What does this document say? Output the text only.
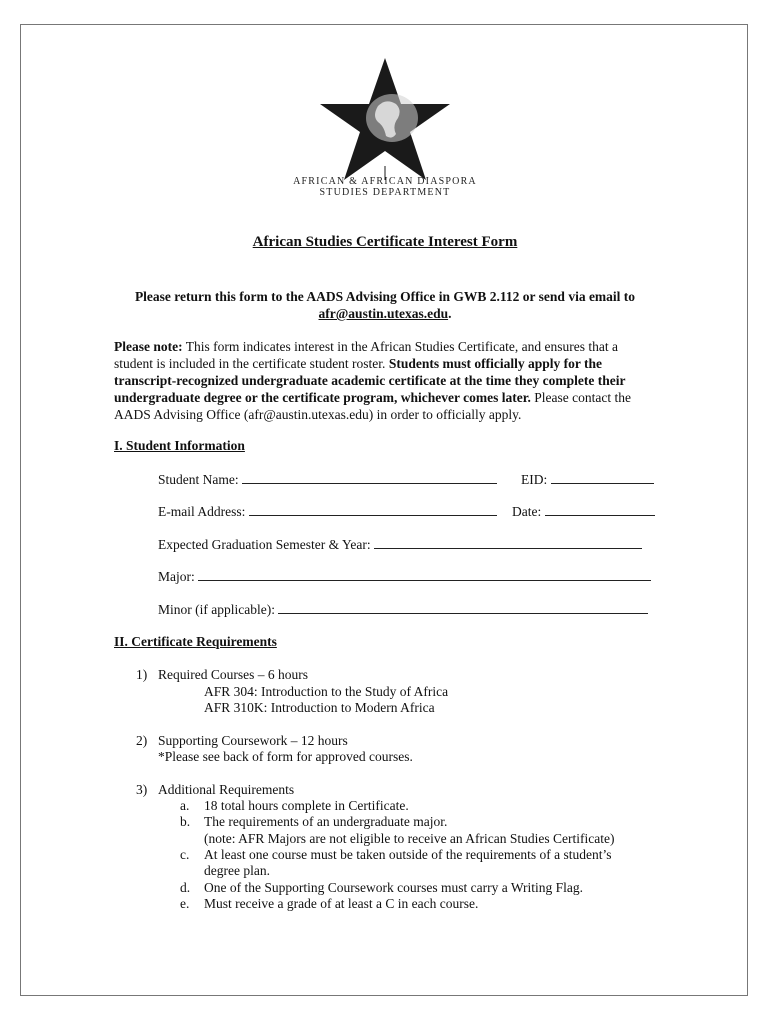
AFRICAN & AFRICAN DIASPORA
STUDIES DEPARTMENT
African Studies Certificate Interest Form
Please return this form to the AADS Advising Office in GWB 2.112 or send via email to
afr@austin.utexas.edu.
Please note: This form indicates interest in the African Studies Certificate, and ensures that a student is included in the certificate student roster. Students must officially apply for the transcript-recognized undergraduate academic certificate at the time they complete their undergraduate degree or the certificate program, whichever comes later. Please contact the AADS Advising Office (afr@austin.utexas.edu) in order to officially apply.
I. Student Information
Student Name:	EID:
E-mail Address:	Date:
Expected Graduation Semester & Year:
Major:
Minor (if applicable):
II. Certificate Requirements
1) Required Courses – 6 hours
AFR 304: Introduction to the Study of Africa
AFR 310K: Introduction to Modern Africa
2) Supporting Coursework – 12 hours
*Please see back of form for approved courses.
3) Additional Requirements
a. 18 total hours complete in Certificate.
b. The requirements of an undergraduate major.
(note: AFR Majors are not eligible to receive an African Studies Certificate)
c. At least one course must be taken outside of the requirements of a student’s
degree plan.
d. One of the Supporting Coursework courses must carry a Writing Flag.
e. Must receive a grade of at least a C in each course.
